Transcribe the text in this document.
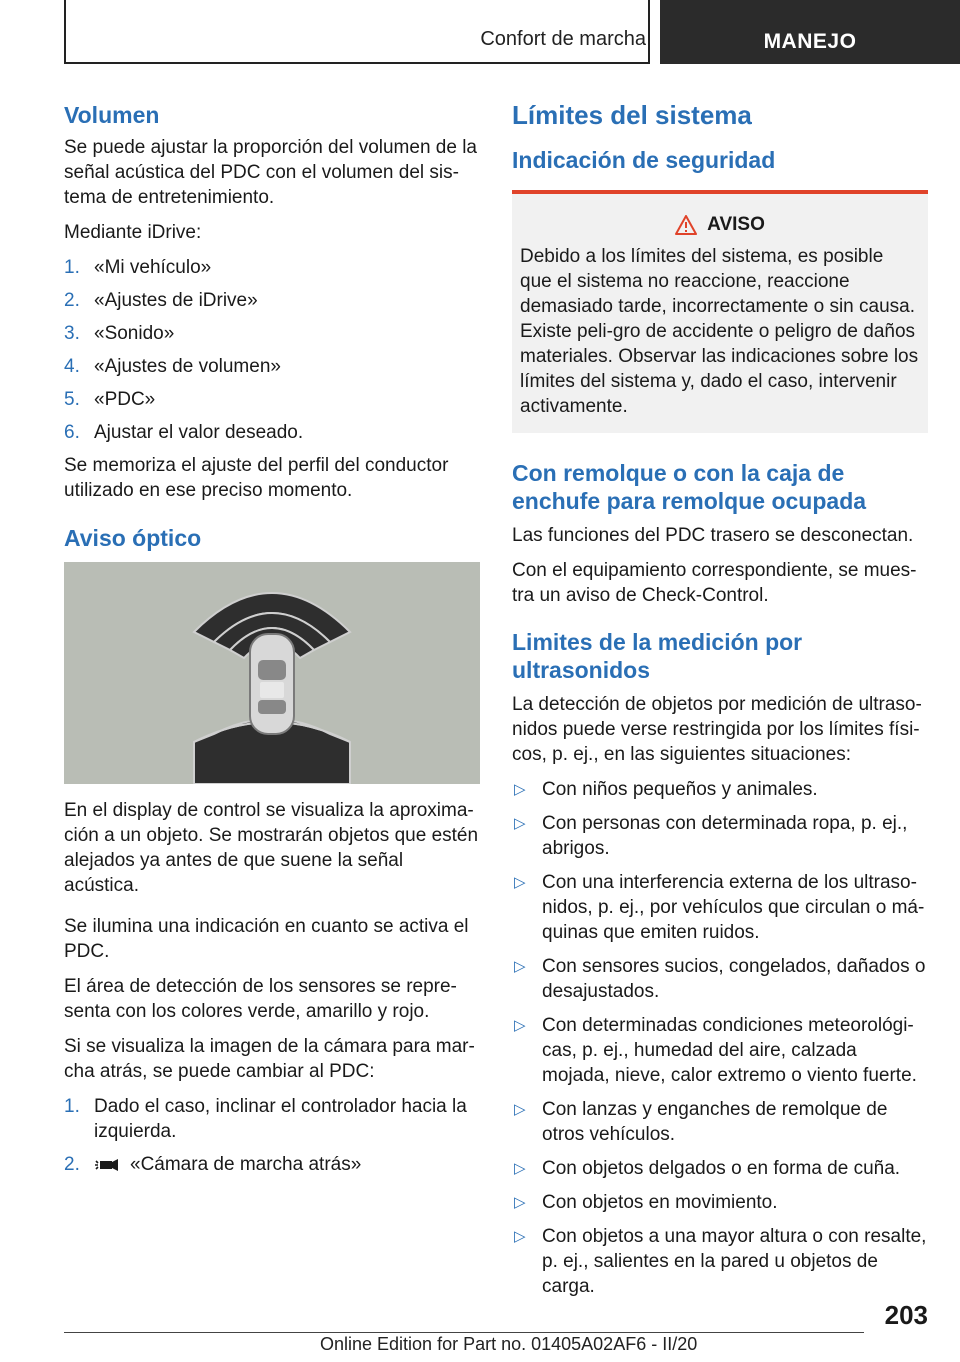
Confort de marcha	MANEJO
Volumen

Se puede ajustar la proporción del volumen de la señal acústica del PDC con el volumen del sis-tema de entretenimiento.

Mediante iDrive:

1. «Mi vehículo»
2. «Ajustes de iDrive»
3. «Sonido»
4. «Ajustes de volumen»
5. «PDC»
6. Ajustar el valor deseado.

Se memoriza el ajuste del perfil del conductor utilizado en ese preciso momento.

Aviso óptico

En el display de control se visualiza la aproxima-ción a un objeto. Se mostrarán objetos que estén alejados ya antes de que suene la señal acústica.

Se ilumina una indicación en cuanto se activa el PDC.

El área de detección de los sensores se repre-senta con los colores verde, amarillo y rojo.

Si se visualiza la imagen de la cámara para mar-cha atrás, se puede cambiar al PDC:

1. Dado el caso, inclinar el controlador hacia la izquierda.
2.	«Cámara de marcha atrás»
Límites del sistema
Indicación de seguridad
AVISO

Debido a los límites del sistema, es posible que el sistema no reaccione, reaccione demasiado tarde, incorrectamente o sin causa. Existe peli-gro de accidente o peligro de daños materiales. Observar las indicaciones sobre los límites del sistema y, dado el caso, intervenir activamente.

Con remolque o con la caja de enchufe para remolque ocupada

Las funciones del PDC trasero se desconectan.

Con el equipamiento correspondiente, se mues-tra un aviso de Check-Control.

Limites de la medición por ultrasonidos

La detección de objetos por medición de ultraso-nidos puede verse restringida por los límites físi-cos, p. ej., en las siguientes situaciones:

▷ Con niños pequeños y animales.
▷ Con personas con determinada ropa, p. ej., abrigos.
▷ Con una interferencia externa de los ultraso-nidos, p. ej., por vehículos que circulan o má-quinas que emiten ruidos.
▷ Con sensores sucios, congelados, dañados o desajustados.
▷ Con determinadas condiciones meteorológi-cas, p. ej., humedad del aire, calzada mojada, nieve, calor extremo o viento fuerte.
▷ Con lanzas y enganches de remolque de otros vehículos.
▷ Con objetos delgados o en forma de cuña.
▷ Con objetos en movimiento.
▷ Con objetos a una mayor altura o con resalte, p. ej., salientes en la pared u objetos de carga.
203
Online Edition for Part no. 01405A02AF6 - II/20
